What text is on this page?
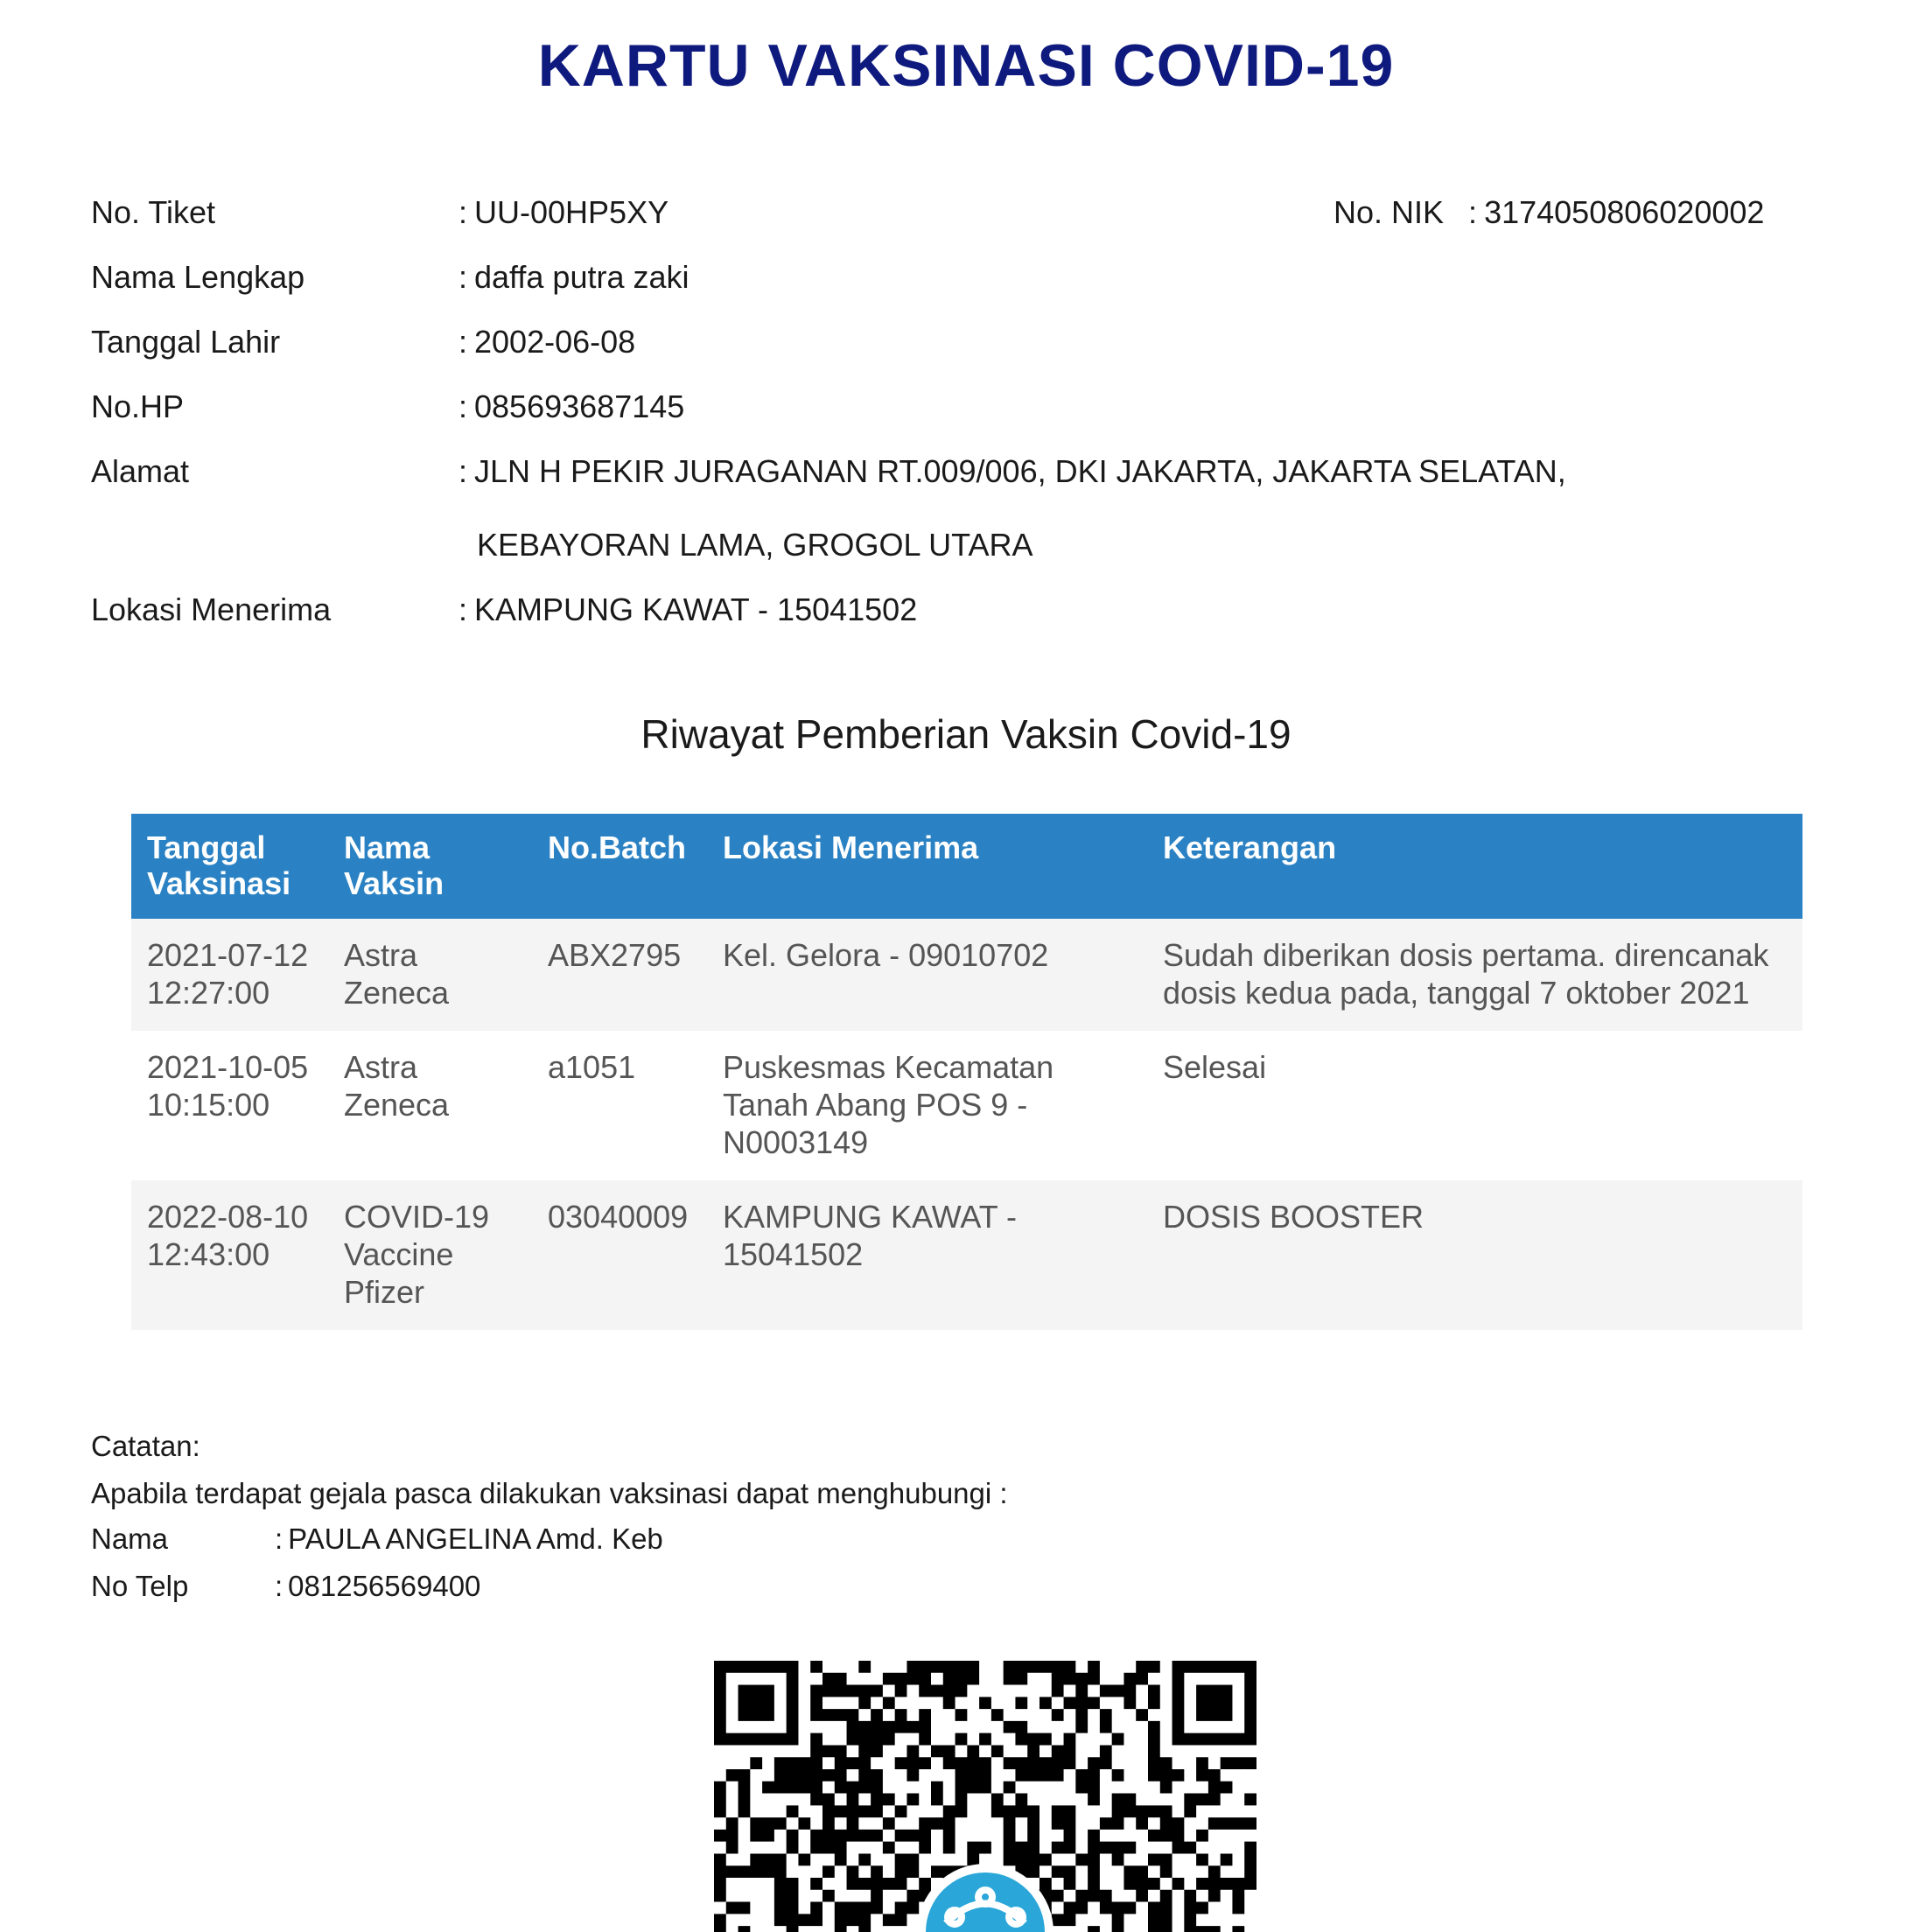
KARTU VAKSINASI COVID-19
No. Tiket	: UU-00HP5XY	No. NIK : 3174050806020002
Nama Lengkap	: daffa putra zaki
Tanggal Lahir	: 2002-06-08
No.HP	: 085693687145
Alamat	: JLN H PEKIR JURAGANAN RT.009/006, DKI JAKARTA, JAKARTA SELATAN,
KEBAYORAN LAMA, GROGOL UTARA
Lokasi Menerima	: KAMPUNG KAWAT - 15041502
Riwayat Pemberian Vaksin Covid-19
Tanggal Vaksinasi	Nama Vaksin	No.Batch	Lokasi Menerima	Keterangan
2021-07-12 12:27:00	Astra Zeneca	ABX2795	Kel. Gelora - 09010702	Sudah diberikan dosis pertama. direncanak dosis kedua pada, tanggal 7 oktober 2021
2021-10-05 10:15:00	Astra Zeneca	a1051	Puskesmas Kecamatan Tanah Abang POS 9 - N0003149	Selesai
2022-08-10 12:43:00	COVID-19 Vaccine Pfizer	03040009	KAMPUNG KAWAT - 15041502	DOSIS BOOSTER
Catatan:
Apabila terdapat gejala pasca dilakukan vaksinasi dapat menghubungi :
Nama	: PAULA ANGELINA Amd. Keb
No Telp	: 081256569400
